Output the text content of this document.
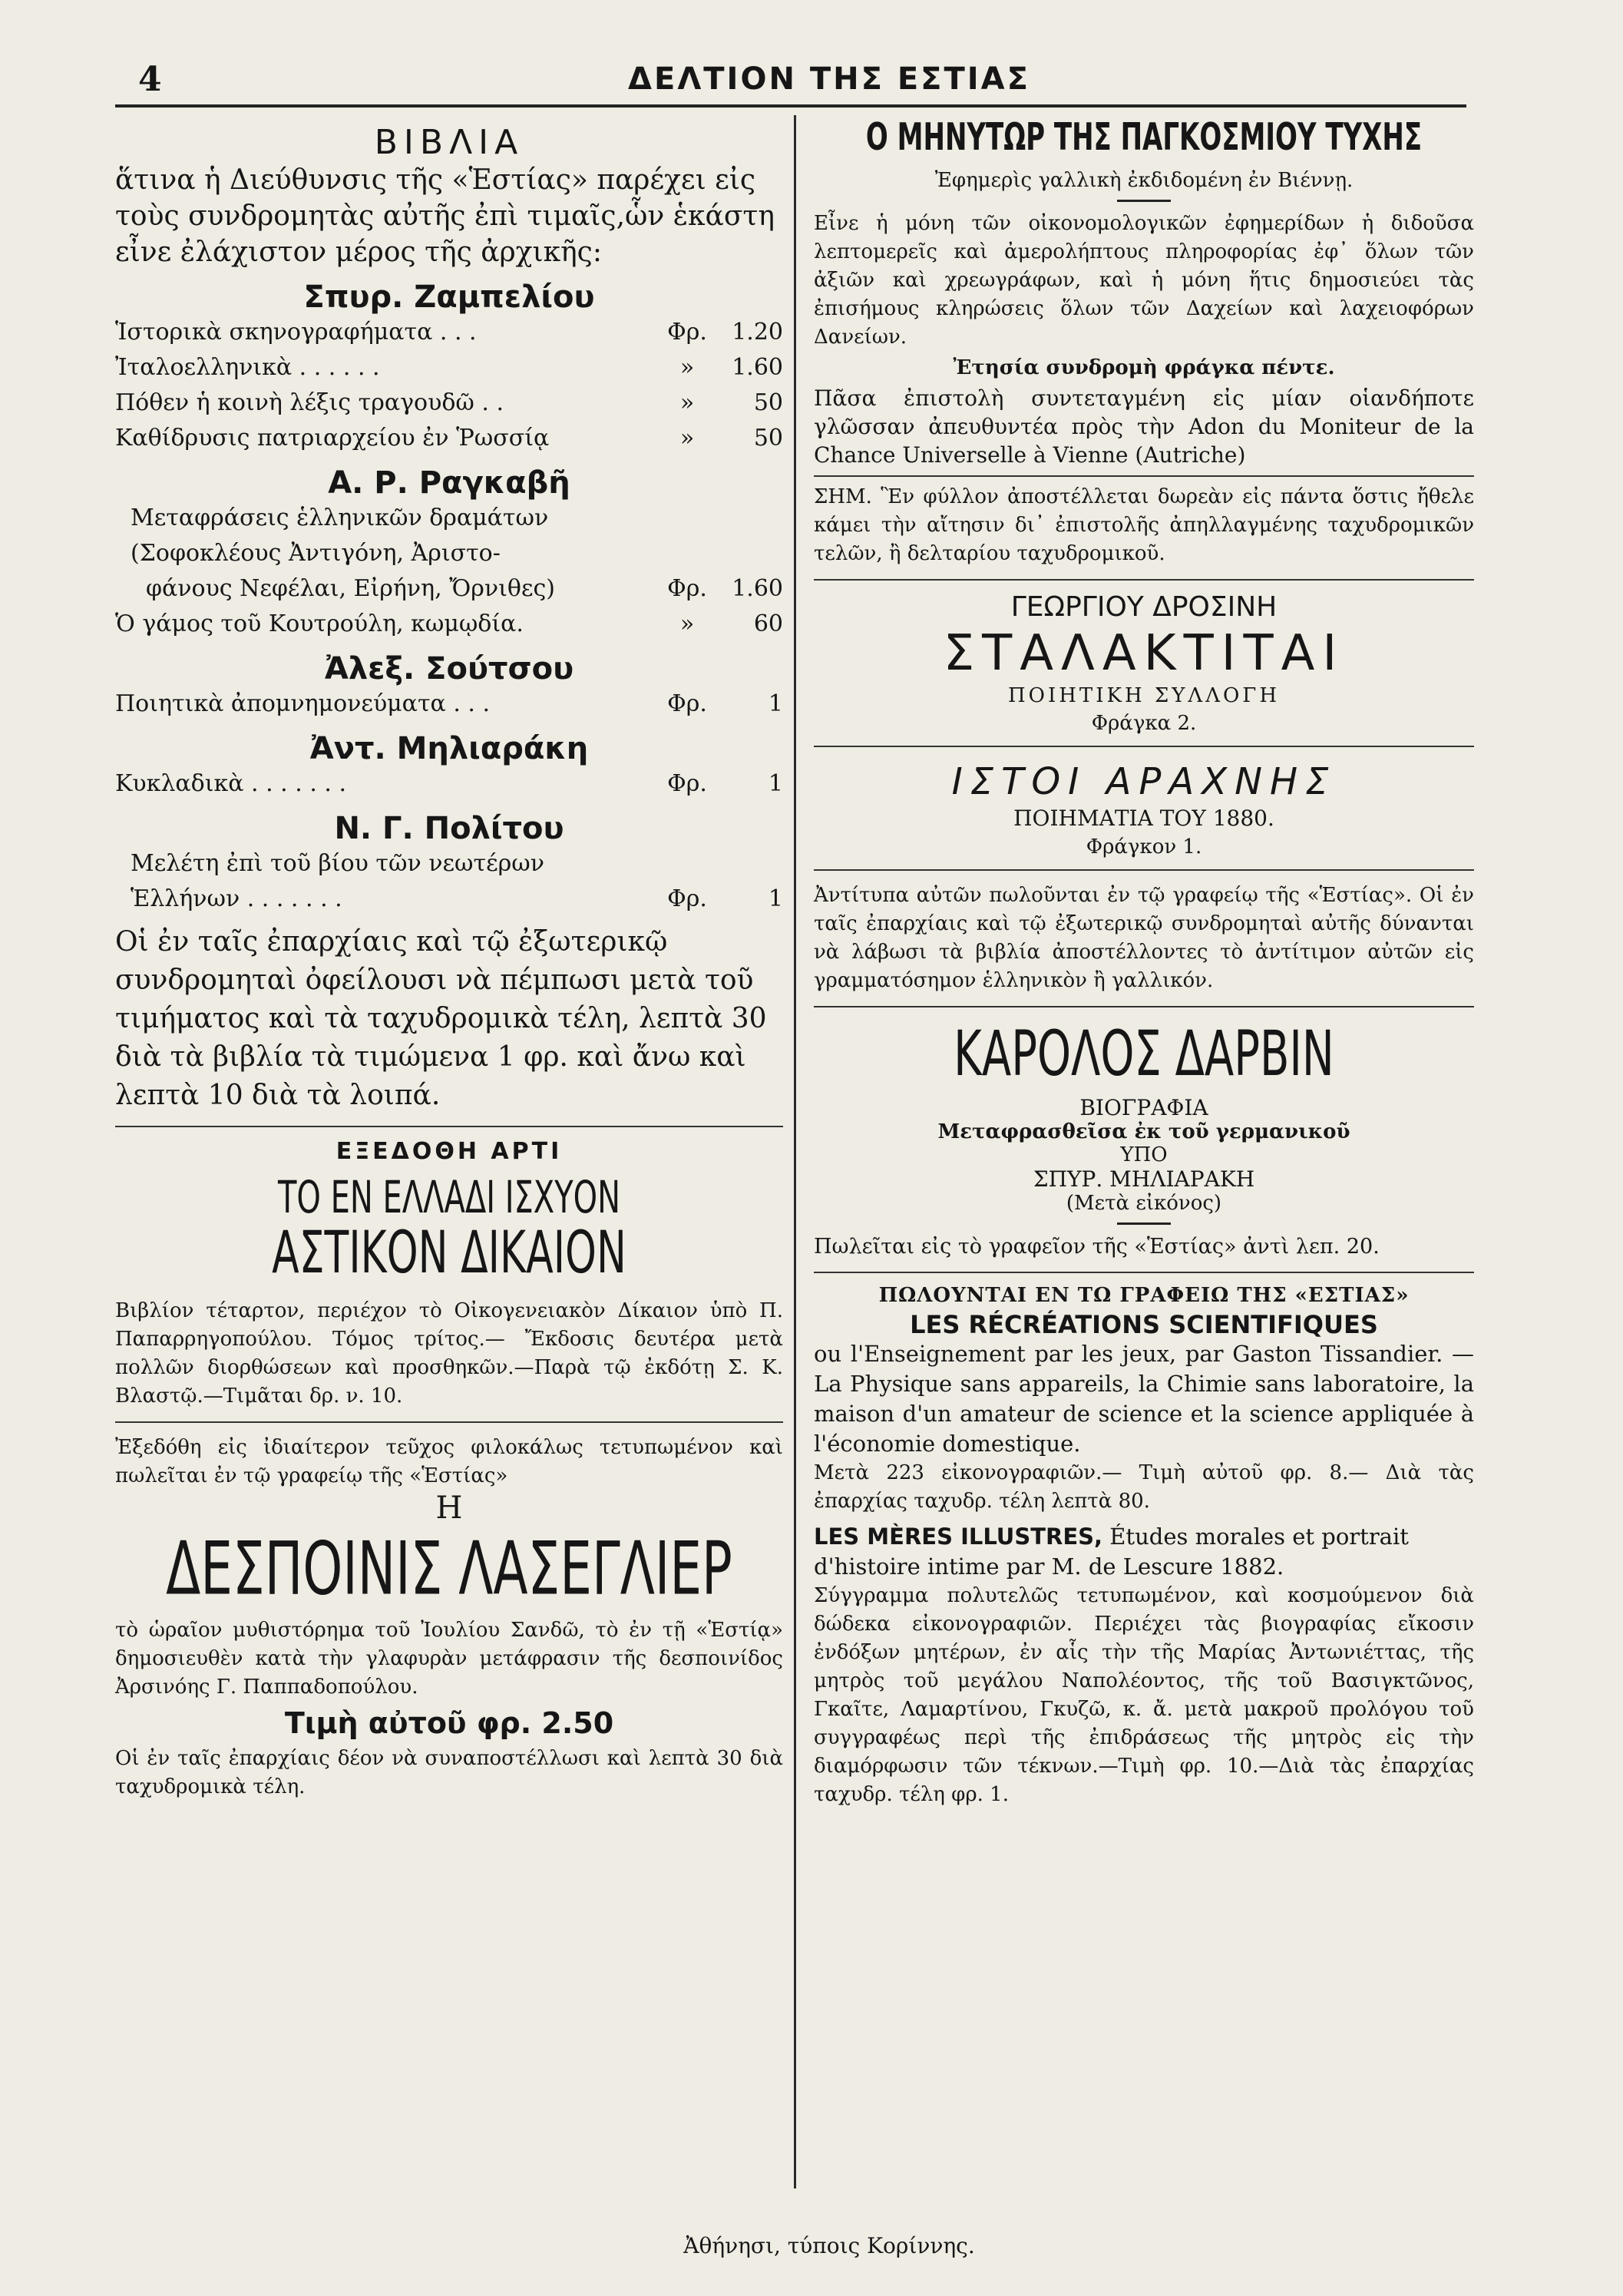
4	ΔΕΛΤΙΟΝ ΤΗΣ ΕΣΤΙΑΣ
ΒΙΒΛΙΑ
ἅτινα ἡ Διεύθυνσις τῆς «Ἑστίας» παρέχει εἰς τοὺς συνδρομητὰς αὐτῆς ἐπὶ τιμαῖς,ὧν ἑκάστη εἶνε ἐλάχιστον μέρος τῆς ἀρχικῆς:
Σπυρ. Ζαμπελίου
Ἱστορικὰ σκηνογραφήματα . . .	Φρ.	1.20
Ἰταλοελληνικὰ . . . . . .	»	1.60
Πόθεν ἡ κοινὴ λέξις τραγουδῶ . .	»	50
Καθίδρυσις πατριαρχείου ἐν Ῥωσσίᾳ	»	50
Α. Ρ. Ραγκαβῆ
Μεταφράσεις ἑλληνικῶν δραμάτων
(Σοφοκλέους Ἀντιγόνη, Ἀριστο-
φάνους Νεφέλαι, Εἰρήνη, Ὄρνιθες)	Φρ.	1.60
Ὁ γάμος τοῦ Κουτρούλη, κωμῳδία.	»	60
Ἀλεξ. Σούτσου
Ποιητικὰ ἀπομνημονεύματα . . .	Φρ.	1
Ἀντ. Μηλιαράκη
Κυκλαδικὰ . . . . . . .	Φρ.	1
Ν. Γ. Πολίτου
Μελέτη ἐπὶ τοῦ βίου τῶν νεωτέρων
Ἑλλήνων . . . . . . .	Φρ.	1
Οἱ ἐν ταῖς ἐπαρχίαις καὶ τῷ ἐξωτερικῷ συνδρομηταὶ ὀφείλουσι νὰ πέμπωσι μετὰ τοῦ τιμήματος καὶ τὰ ταχυδρομικὰ τέλη, λεπτὰ 30 διὰ τὰ βιβλία τὰ τιμώμενα 1 φρ. καὶ ἄνω καὶ λεπτὰ 10 διὰ τὰ λοιπά.
ΕΞΕΔΟΘΗ ΑΡΤΙ
ΤΟ ΕΝ ΕΛΛΑΔΙ ΙΣΧΥΟΝ
ΑΣΤΙΚΟΝ ΔΙΚΑΙΟΝ
Βιβλίον τέταρτον, περιέχον τὸ Οἰκογενειακὸν Δίκαιον ὑπὸ Π. Παπαρρηγοπούλου. Τόμος τρίτος.— Ἔκδοσις δευτέρα μετὰ πολλῶν διορθώσεων καὶ προσθηκῶν.—Παρὰ τῷ ἐκδότῃ Σ. Κ. Βλαστῷ.—Τιμᾶται δρ. ν. 10.
Ἐξεδόθη εἰς ἰδιαίτερον τεῦχος φιλοκάλως τετυπωμένον καὶ πωλεῖται ἐν τῷ γραφείῳ τῆς «Ἑστίας»
Η
ΔΕΣΠΟΙΝΙΣ ΛΑΣΕΓΛΙΕΡ
τὸ ὡραῖον μυθιστόρημα τοῦ Ἰουλίου Σανδῶ, τὸ ἐν τῇ «Ἑστίᾳ» δημοσιευθὲν κατὰ τὴν γλαφυρὰν μετάφρασιν τῆς δεσποινίδος Ἀρσινόης Γ. Παππαδοπούλου.
Τιμὴ αὐτοῦ φρ. 2.50
Οἱ ἐν ταῖς ἐπαρχίαις δέον νὰ συναποστέλλωσι καὶ λεπτὰ 30 διὰ ταχυδρομικὰ τέλη.
Ο ΜΗΝΥΤΩΡ ΤΗΣ ΠΑΓΚΟΣΜΙΟΥ ΤΥΧΗΣ
Ἐφημερὶς γαλλικὴ ἐκδιδομένη ἐν Βιέννῃ.
Εἶνε ἡ μόνη τῶν οἰκονομολογικῶν ἐφημερίδων ἡ διδοῦσα λεπτομερεῖς καὶ ἀμερολήπτους πληροφορίας ἐφ᾽ ὅλων τῶν ἀξιῶν καὶ χρεωγράφων, καὶ ἡ μόνη ἥτις δημοσιεύει τὰς ἐπισήμους κληρώσεις ὅλων τῶν Δαχείων καὶ λαχειοφόρων Δανείων.
Ἐτησία συνδρομὴ φράγκα πέντε.
Πᾶσα ἐπιστολὴ συντεταγμένη εἰς μίαν οἱανδήποτε γλῶσσαν ἀπευθυντέα πρὸς τὴν Adon du Moniteur de la Chance Universelle à Vienne (Autriche)
ΣΗΜ. Ἓν φύλλον ἀποστέλλεται δωρεὰν εἰς πάντα ὅστις ἤθελε κάμει τὴν αἴτησιν δι᾽ ἐπιστολῆς ἀπηλλαγμένης ταχυδρομικῶν τελῶν, ἢ δελταρίου ταχυδρομικοῦ.
ΓΕΩΡΓΙΟΥ ΔΡΟΣΙΝΗ
ΣΤΑΛΑΚΤΙΤΑΙ
ΠΟΙΗΤΙΚΗ ΣΥΛΛΟΓΗ
Φράγκα 2.
ΙΣΤΟΙ ΑΡΑΧΝΗΣ
ΠΟΙΗΜΑΤΙΑ ΤΟΥ 1880.
Φράγκον 1.
Ἀντίτυπα αὐτῶν πωλοῦνται ἐν τῷ γραφείῳ τῆς «Ἑστίας». Οἱ ἐν ταῖς ἐπαρχίαις καὶ τῷ ἐξωτερικῷ συνδρομηταὶ αὐτῆς δύνανται νὰ λάβωσι τὰ βιβλία ἀποστέλλοντες τὸ ἀντίτιμον αὐτῶν εἰς γραμματόσημον ἑλληνικὸν ἢ γαλλικόν.
ΚΑΡΟΛΟΣ ΔΑΡΒΙΝ
ΒΙΟΓΡΑΦΙΑ
Μεταφρασθεῖσα ἐκ τοῦ γερμανικοῦ
ΥΠΟ
ΣΠΥΡ. ΜΗΛΙΑΡΑΚΗ
(Μετὰ εἰκόνος)
Πωλεῖται εἰς τὸ γραφεῖον τῆς «Ἑστίας» ἀντὶ λεπ. 20.
ΠΩΛΟΥΝΤΑΙ ΕΝ ΤΩ ΓΡΑΦΕΙΩ ΤΗΣ «ΕΣΤΙΑΣ»
LES RÉCRÉATIONS SCIENTIFIQUES
ou l'Enseignement par les jeux, par Gaston Tissandier. — La Physique sans appareils, la Chimie sans laboratoire, la maison d'un amateur de science et la science appliquée à l'économie domestique.
Μετὰ 223 εἰκονογραφιῶν.— Τιμὴ αὐτοῦ φρ. 8.— Διὰ τὰς ἐπαρχίας ταχυδρ. τέλη λεπτὰ 80.
LES MÈRES ILLUSTRES, Études morales et portrait d'histoire intime par M. de Lescure 1882.
Σύγγραμμα πολυτελῶς τετυπωμένον, καὶ κοσμούμενον διὰ δώδεκα εἰκονογραφιῶν. Περιέχει τὰς βιογραφίας εἴκοσιν ἐνδόξων μητέρων, ἐν αἷς τὴν τῆς Μαρίας Ἀντωνιέττας, τῆς μητρὸς τοῦ μεγάλου Ναπολέοντος, τῆς τοῦ Βασιγκτῶνος, Γκαῖτε, Λαμαρτίνου, Γκυζῶ, κ. ἄ. μετὰ μακροῦ προλόγου τοῦ συγγραφέως περὶ τῆς ἐπιδράσεως τῆς μητρὸς εἰς τὴν διαμόρφωσιν τῶν τέκνων.—Τιμὴ φρ. 10.—Διὰ τὰς ἐπαρχίας ταχυδρ. τέλη φρ. 1.
Ἀθήνησι, τύποις Κορίννης.
